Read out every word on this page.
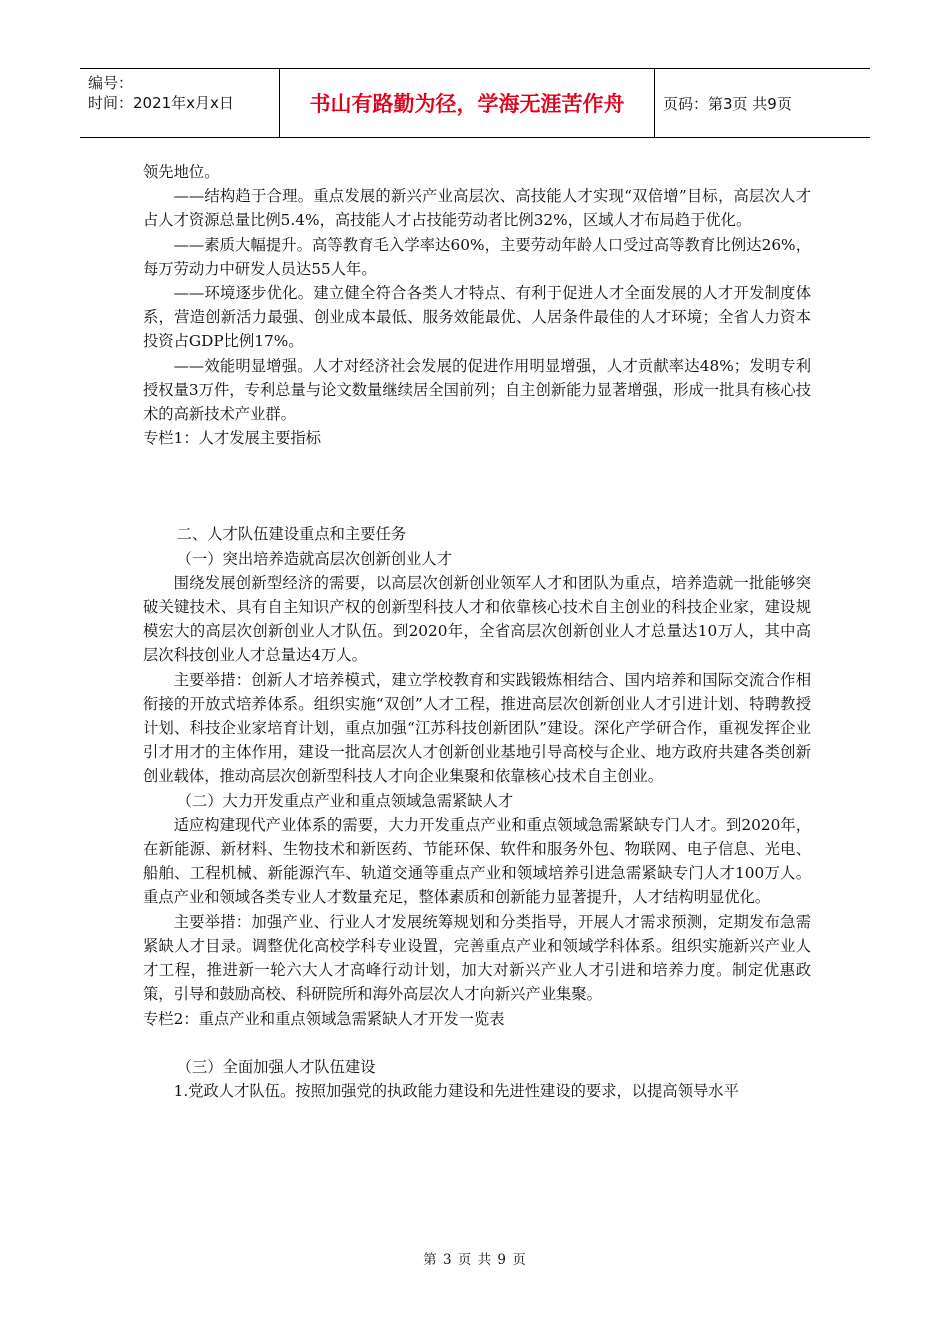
编号：
时间：2021年x月x日	书山有路勤为径，学海无涯苦作舟	页码：第3页 共9页

领先地位。

——结构趋于合理。重点发展的新兴产业高层次、高技能人才实现“双倍增”目标，高层次人才占人才资源总量比例5.4%，高技能人才占技能劳动者比例32%，区域人才布局趋于优化。

——素质大幅提升。高等教育毛入学率达60%，主要劳动年龄人口受过高等教育比例达26%，每万劳动力中研发人员达55人年。

——环境逐步优化。建立健全符合各类人才特点、有利于促进人才全面发展的人才开发制度体系，营造创新活力最强、创业成本最低、服务效能最优、人居条件最佳的人才环境；全省人力资本投资占GDP比例17%。

——效能明显增强。人才对经济社会发展的促进作用明显增强，人才贡献率达48%；发明专利授权量3万件，专利总量与论文数量继续居全国前列；自主创新能力显著增强，形成一批具有核心技术的高新技术产业群。

专栏1：人才发展主要指标

二、人才队伍建设重点和主要任务

（一）突出培养造就高层次创新创业人才

围绕发展创新型经济的需要，以高层次创新创业领军人才和团队为重点，培养造就一批能够突破关键技术、具有自主知识产权的创新型科技人才和依靠核心技术自主创业的科技企业家，建设规模宏大的高层次创新创业人才队伍。到2020年，全省高层次创新创业人才总量达10万人，其中高层次科技创业人才总量达4万人。

主要举措：创新人才培养模式，建立学校教育和实践锻炼相结合、国内培养和国际交流合作相衔接的开放式培养体系。组织实施“双创”人才工程，推进高层次创新创业人才引进计划、特聘教授计划、科技企业家培育计划，重点加强“江苏科技创新团队”建设。深化产学研合作，重视发挥企业引才用才的主体作用，建设一批高层次人才创新创业基地引导高校与企业、地方政府共建各类创新创业载体，推动高层次创新型科技人才向企业集聚和依靠核心技术自主创业。

（二）大力开发重点产业和重点领域急需紧缺人才

适应构建现代产业体系的需要，大力开发重点产业和重点领域急需紧缺专门人才。到2020年，在新能源、新材料、生物技术和新医药、节能环保、软件和服务外包、物联网、电子信息、光电、船舶、工程机械、新能源汽车、轨道交通等重点产业和领域培养引进急需紧缺专门人才100万人。重点产业和领域各类专业人才数量充足，整体素质和创新能力显著提升，人才结构明显优化。

主要举措：加强产业、行业人才发展统筹规划和分类指导，开展人才需求预测，定期发布急需紧缺人才目录。调整优化高校学科专业设置，完善重点产业和领域学科体系。组织实施新兴产业人才工程，推进新一轮六大人才高峰行动计划，加大对新兴产业人才引进和培养力度。制定优惠政策，引导和鼓励高校、科研院所和海外高层次人才向新兴产业集聚。

专栏2：重点产业和重点领域急需紧缺人才开发一览表

（三）全面加强人才队伍建设

1.党政人才队伍。按照加强党的执政能力建设和先进性建设的要求，以提高领导水平

第 3 页 共 9 页
